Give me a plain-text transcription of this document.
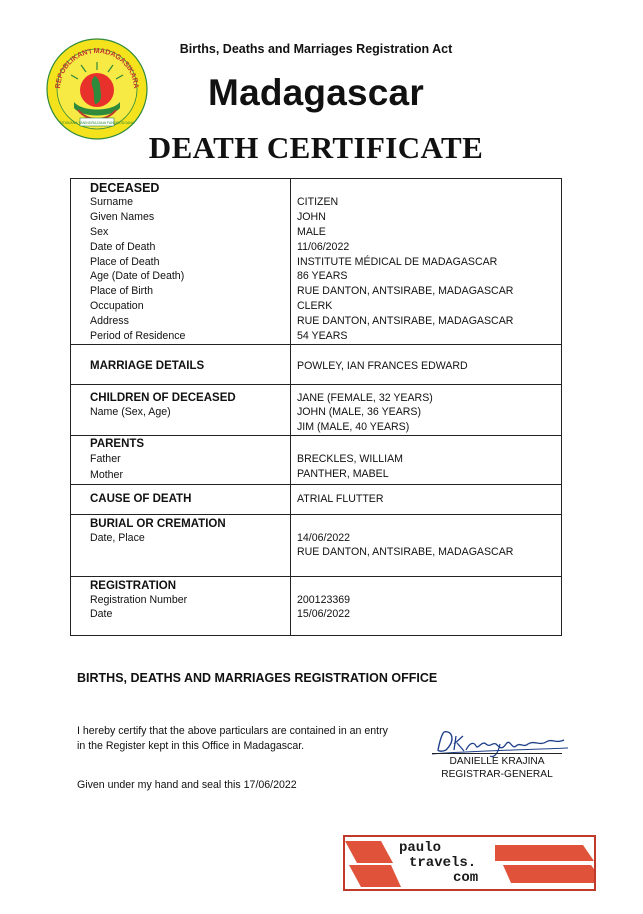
REPOBLIKAN'I MADAGASIKARA
FITIAVANA TANINDRAZANA FANDROSOANA
Births, Deaths and Marriages Registration Act
Madagascar
DEATH CERTIFICATE
DECEASED
Surname	CITIZEN
Given Names	JOHN
Sex	MALE
Date of Death	11/06/2022
Place of Death	INSTITUTE MÉDICAL DE MADAGASCAR
Age (Date of Death)	86 YEARS
Place of Birth	RUE DANTON, ANTSIRABE, MADAGASCAR
Occupation	CLERK
Address	RUE DANTON, ANTSIRABE, MADAGASCAR
Period of Residence	54 YEARS
MARRIAGE DETAILS	POWLEY, IAN FRANCES EDWARD
CHILDREN OF DECEASED
Name (Sex, Age)
JANE (FEMALE, 32 YEARS)
JOHN (MALE, 36 YEARS)
JIM (MALE, 40 YEARS)
PARENTS
Father	BRECKLES, WILLIAM
Mother	PANTHER, MABEL
CAUSE OF DEATH	ATRIAL FLUTTER
BURIAL OR CREMATION
Date, Place	14/06/2022
RUE DANTON, ANTSIRABE, MADAGASCAR
REGISTRATION
Registration Number	200123369
Date	15/06/2022
BIRTHS, DEATHS AND MARRIAGES REGISTRATION OFFICE
I hereby certify that the above particulars are contained in an entry
in the Register kept in this Office in Madagascar.
Given under my hand and seal this 17/06/2022
DANIELLE KRAJINA
REGISTRAR-GENERAL
paulo
travels.
com
